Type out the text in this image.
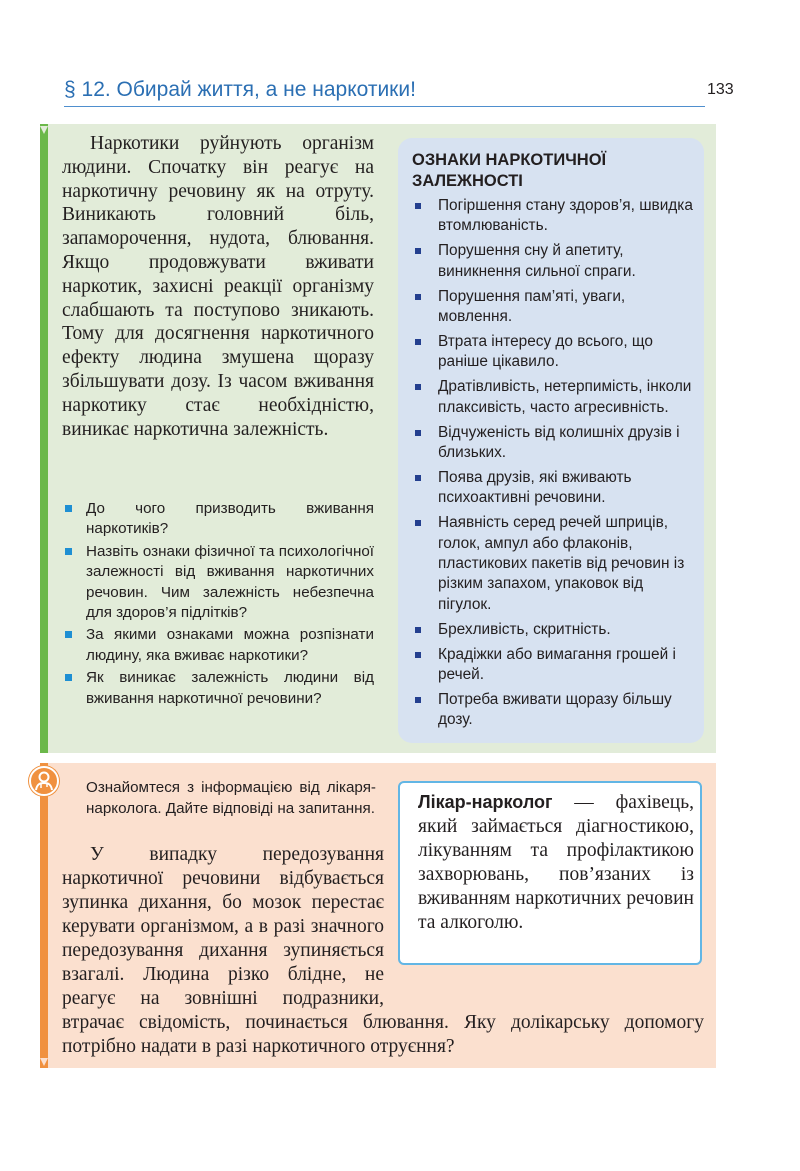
§ 12. Обирай життя, а не наркотики!	133

Наркотики руйнують організм людини. Спочатку він реагує на наркотичну речовину як на отруту. Виникають головний біль, запаморочення, нудота, блювання. Якщо продовжувати вживати наркотик, захисні реакції організму слабшають та поступово зникають. Тому для досягнення наркотичного ефекту людина змушена щоразу збільшувати дозу. Із часом вживання наркотику стає необхідністю, виникає наркотична залежність.

До чого призводить вживання наркотиків?
Назвіть ознаки фізичної та психологічної залежності від вживання наркотичних речовин. Чим залежність небезпечна для здоров’я підлітків?
За якими ознаками можна розпізнати людину, яка вживає наркотики?
Як виникає залежність людини від вживання наркотичної речовини?
ОЗНАКИ НАРКОТИЧНОЇ ЗАЛЕЖНОСТІ
Погіршення стану здоров’я, швидка втомлюваність.
Порушення сну й апетиту, виникнення сильної спраги.
Порушення пам’яті, уваги, мовлення.
Втрата інтересу до всього, що раніше цікавило.
Дратівливість, нетерпимість, інколи плаксивість, часто агресивність.
Відчуженість від колишніх друзів і близьких.
Поява друзів, які вживають психоактивні речовини.
Наявність серед речей шприців, голок, ампул або флаконів, пластикових пакетів від речовин із різким запахом, упаковок від пігулок.
Брехливість, скритність.
Крадіжки або вимагання грошей і речей.
Потреба вживати щоразу більшу дозу.

Ознайомтеся з інформацією від лікаря-нарколога. Дайте відповіді на запитання.

У випадку передозування наркотичної речовини відбувається зупинка дихання, бо мозок перестає керувати організмом, а в разі значного передозування дихання зупиняється взагалі. Людина різко блідне, не реагує на зовнішні подразники, втрачає свідомість, починається блювання. Яку долікарську допомогу потрібно надати в разі наркотичного отруєння?

Лікар-нарколог — фахівець, який займається діагностикою, лікуванням та профілактикою захворювань, пов’язаних із вживанням наркотичних речовин та алкоголю.
